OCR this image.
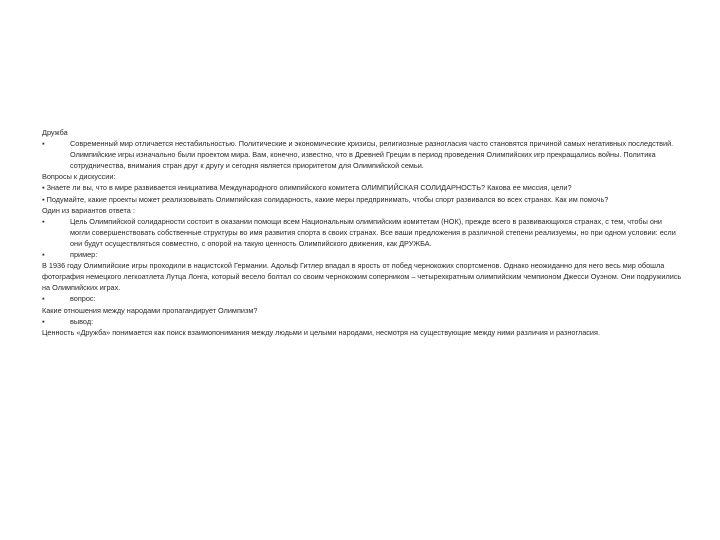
Дружба

▪	Современный мир отличается нестабильностью. Политические и экономические кризисы, религиозные разногласия часто становятся причиной самых негативных последствий. Олимпийские игры изначально были проектом мира. Вам, конечно, известно, что в Древней Греции в период проведения Олимпийских игр прекращались войны. Политика сотрудничества, внимания стран друг к другу и сегодня является приоритетом для Олимпийской семьи.

Вопросы к дискуссии:

▪ Знаете ли вы, что в мире развивается инициатива Международного олимпийского комитета ОЛИМПИЙСКАЯ СОЛИДАРНОСТЬ? Какова ее миссия, цели?

▪ Подумайте, какие проекты может реализовывать Олимпийская солидарность, какие меры предпринимать, чтобы спорт развивался во всех странах. Как им помочь?

Один из вариантов ответа :

▪	Цель Олимпийской солидарности состоит в оказании помощи всем Национальным олимпийским комитетам (НОК), прежде всего в развивающихся странах, с тем, чтобы они могли совершенствовать собственные структуры во имя развития спорта в своих странах. Все ваши предложения в различной степени реализуемы, но при одном условии: если они будут осуществляться совместно, с опорой на такую ценность Олимпийского движения, как ДРУЖБА.
▪	пример:

В 1936 году Олимпийские игры проходили в нацистской Германии. Адольф Гитлер впадал в ярость от побед чернокожих спортсменов. Однако неожиданно для него весь мир обошла фотография немецкого легкоатлета Лутца Лонга, который весело болтал со своим чернокожим соперником – четырехкратным олимпийским чемпионом Джесси Оуэном. Они подружились на Олимпийских играх.

▪	вопрос:

Какие отношения между народами пропагандирует Олимпизм?

▪	вывод:

Ценность «Дружба» понимается как поиск взаимопонимания между людьми и целыми народами, несмотря на существующие между ними различия и разногласия.
